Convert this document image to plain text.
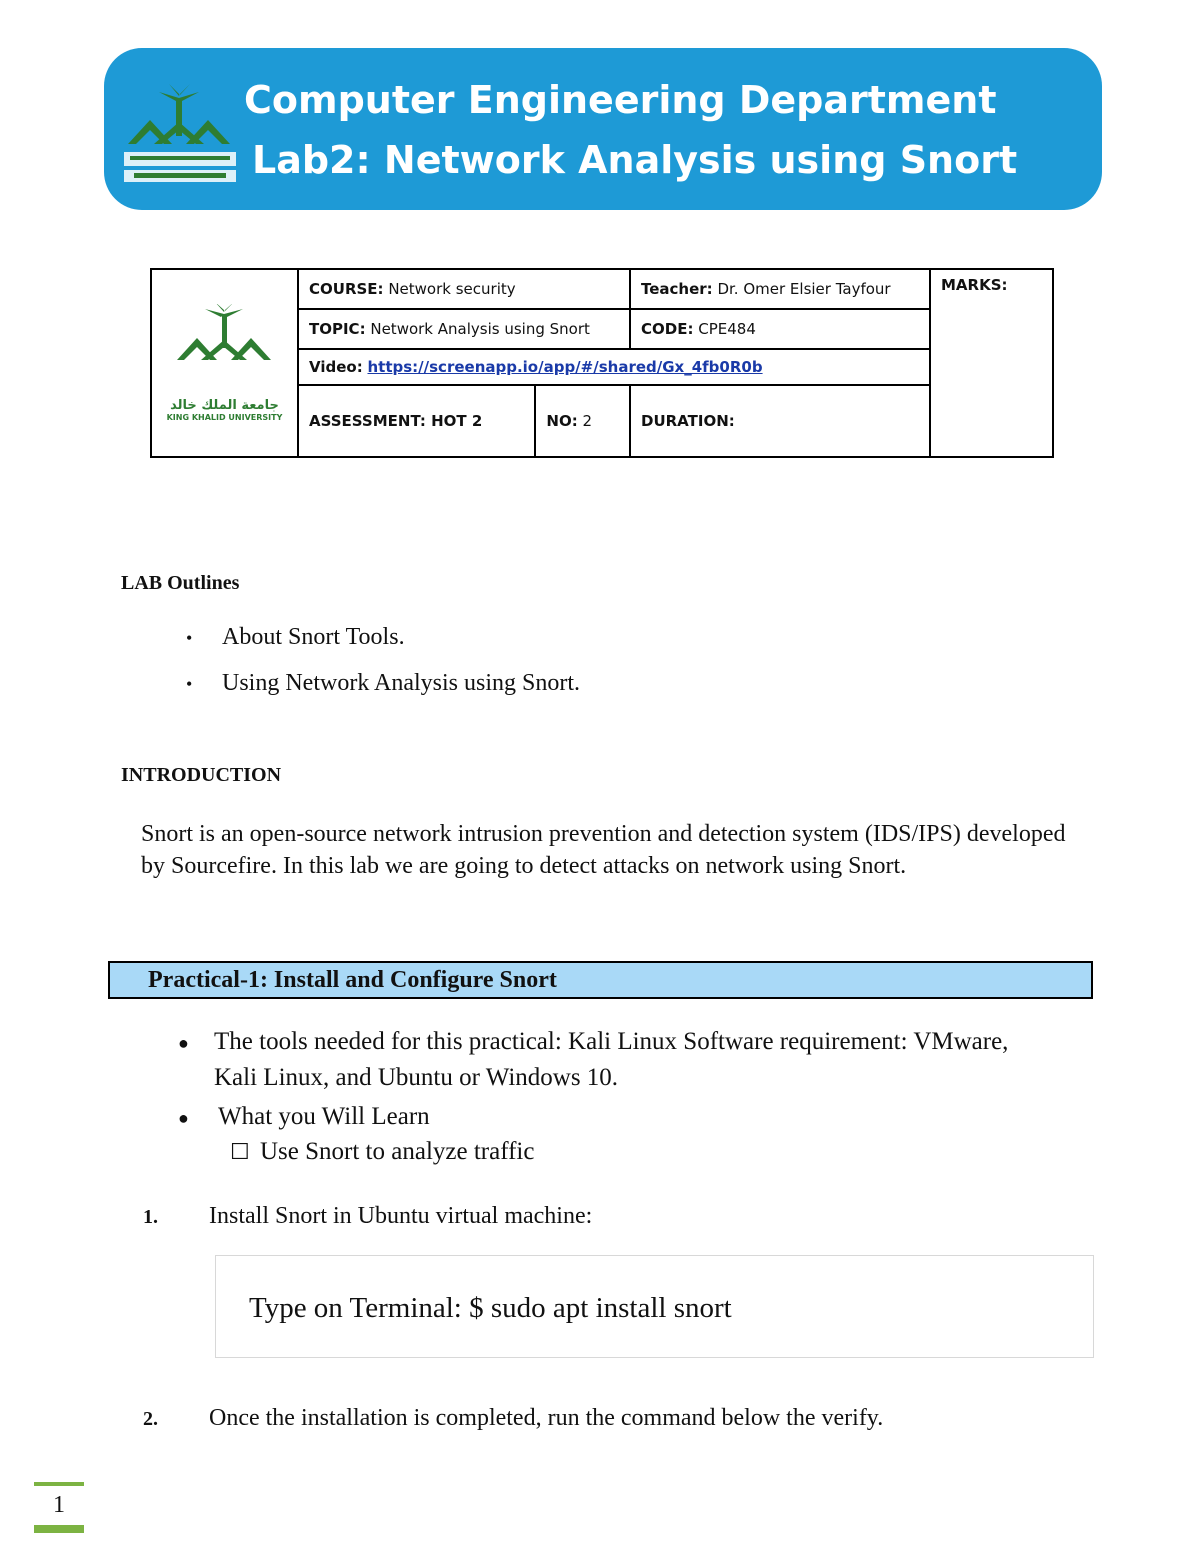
Computer Engineering Department
Lab2: Network Analysis using Snort
جامعة الملك خالد
KING KHALID UNIVERSITY	COURSE: Network security		Teacher: Dr. Omer Elsier Tayfour	MARKS:
	TOPIC: Network Analysis using Snort		CODE: CPE484	
	Video: https://screenapp.io/app/#/shared/Gx_4fb0R0b			
	ASSESSMENT: HOT 2	NO: 2	DURATION:	
LAB Outlines
• About Snort Tools.
• Using Network Analysis using Snort.
INTRODUCTION
Snort is an open-source network intrusion prevention and detection system (IDS/IPS) developed by Sourcefire. In this lab we are going to detect attacks on network using Snort.
Practical-1: Install and Configure Snort
● The tools needed for this practical: Kali Linux Software requirement: VMware,
Kali Linux, and Ubuntu or Windows 10.
● What you Will Learn
☐ Use Snort to analyze traffic
1. Install Snort in Ubuntu virtual machine:
Type on Terminal: $ sudo apt install snort
2. Once the installation is completed, run the command below the verify.
1
